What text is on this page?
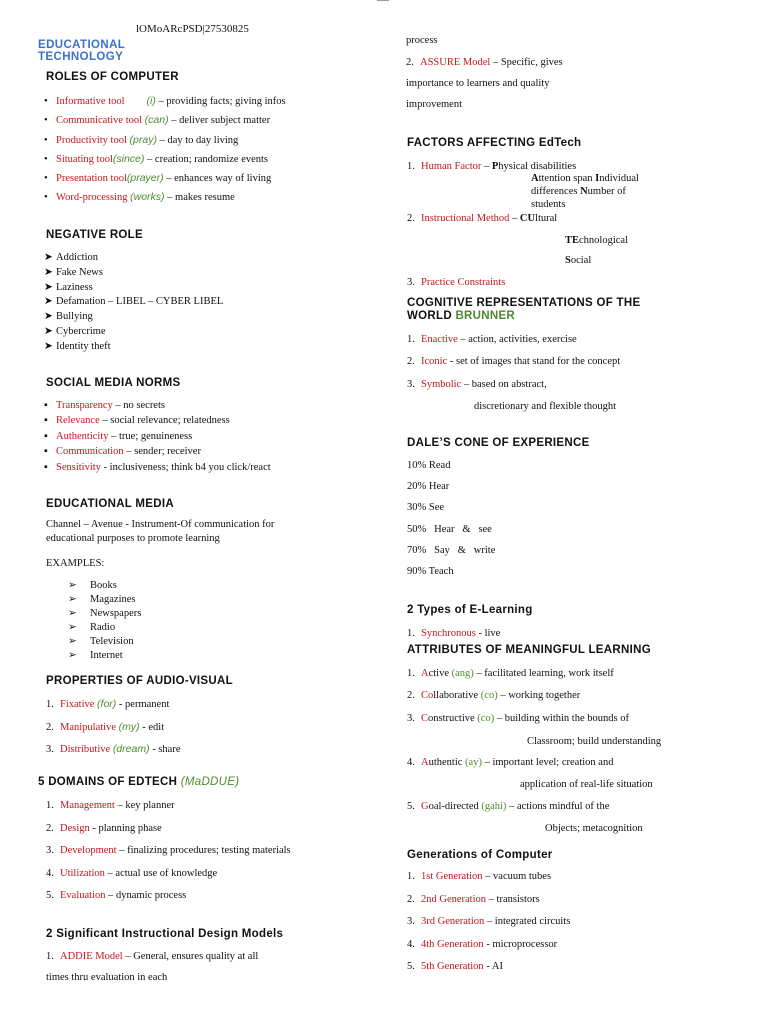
lOMoARcPSD|27530825
EDUCATIONAL
TECHNOLOGY
ROLES OF COMPUTER
• Informative tool (i) – providing facts; giving infos
• Communicative tool (can) – deliver subject matter
• Productivity tool (pray) – day to day living
• Situating tool(since) – creation; randomize events
• Presentation tool(prayer) – enhances way of living
• Word-processing (works) – makes resume
NEGATIVE ROLE
➤ Addiction
➤ Fake News
➤ Laziness
➤ Defamation – LIBEL – CYBER LIBEL
➤ Bullying
➤ Cybercrime
➤ Identity theft
SOCIAL MEDIA NORMS
▪ Transparency – no secrets
▪ Relevance – social relevance; relatedness
▪ Authenticity – true; genuineness
▪ Communication – sender; receiver
▪ Sensitivity - inclusiveness; think b4 you click/react
EDUCATIONAL MEDIA
Channel – Avenue - Instrument-Of communication for
educational purposes to promote learning
EXAMPLES:
➢ Books
➢ Magazines
➢ Newspapers
➢ Radio
➢ Television
➢ Internet
PROPERTIES OF AUDIO-VISUAL
1. Fixative (for) - permanent
2. Manipulative (my) - edit
3. Distributive (dream) - share
5 DOMAINS OF EDTECH (MaDDUE)
1. Management – key planner
2. Design - planning phase
3. Development – finalizing procedures; testing materials
4. Utilization – actual use of knowledge
5. Evaluation – dynamic process
2 Significant Instructional Design Models
1. ADDIE Model – General, ensures quality at all
times thru evaluation in each
process
2. ASSURE Model – Specific, gives
importance to learners and quality
improvement
FACTORS AFFECTING EdTech
1. Human Factor – Physical disabilities
Attention span Individual
differences Number of
students
2. Instructional Method – CUltural
TEchnological
Social
3. Practice Constraints
COGNITIVE REPRESENTATIONS OF THE
WORLD BRUNNER
1. Enactive – action, activities, exercise
2. Iconic - set of images that stand for the concept
3. Symbolic – based on abstract,
discretionary and flexible thought
DALE’S CONE OF EXPERIENCE
10% Read
20% Hear
30% See
50%   Hear   &   see
70%   Say   &   write
90% Teach
2 Types of E-Learning
1. Synchronous - live
ATTRIBUTES OF MEANINGFUL LEARNING
1. Active (ang) – facilitated learning, work itself
2. Collaborative (co) – working together
3. Constructive (co) – building within the bounds of
Classroom; build understanding
4. Authentic (ay) – important level; creation and
application of real-life situation
5. Goal-directed (gahi) – actions mindful of the
Objects; metacognition
Generations of Computer
1. 1st Generation – vacuum tubes
2. 2nd Generation – transistors
3. 3rd Generation – integrated circuits
4. 4th Generation - microprocessor
5. 5th Generation - AI
